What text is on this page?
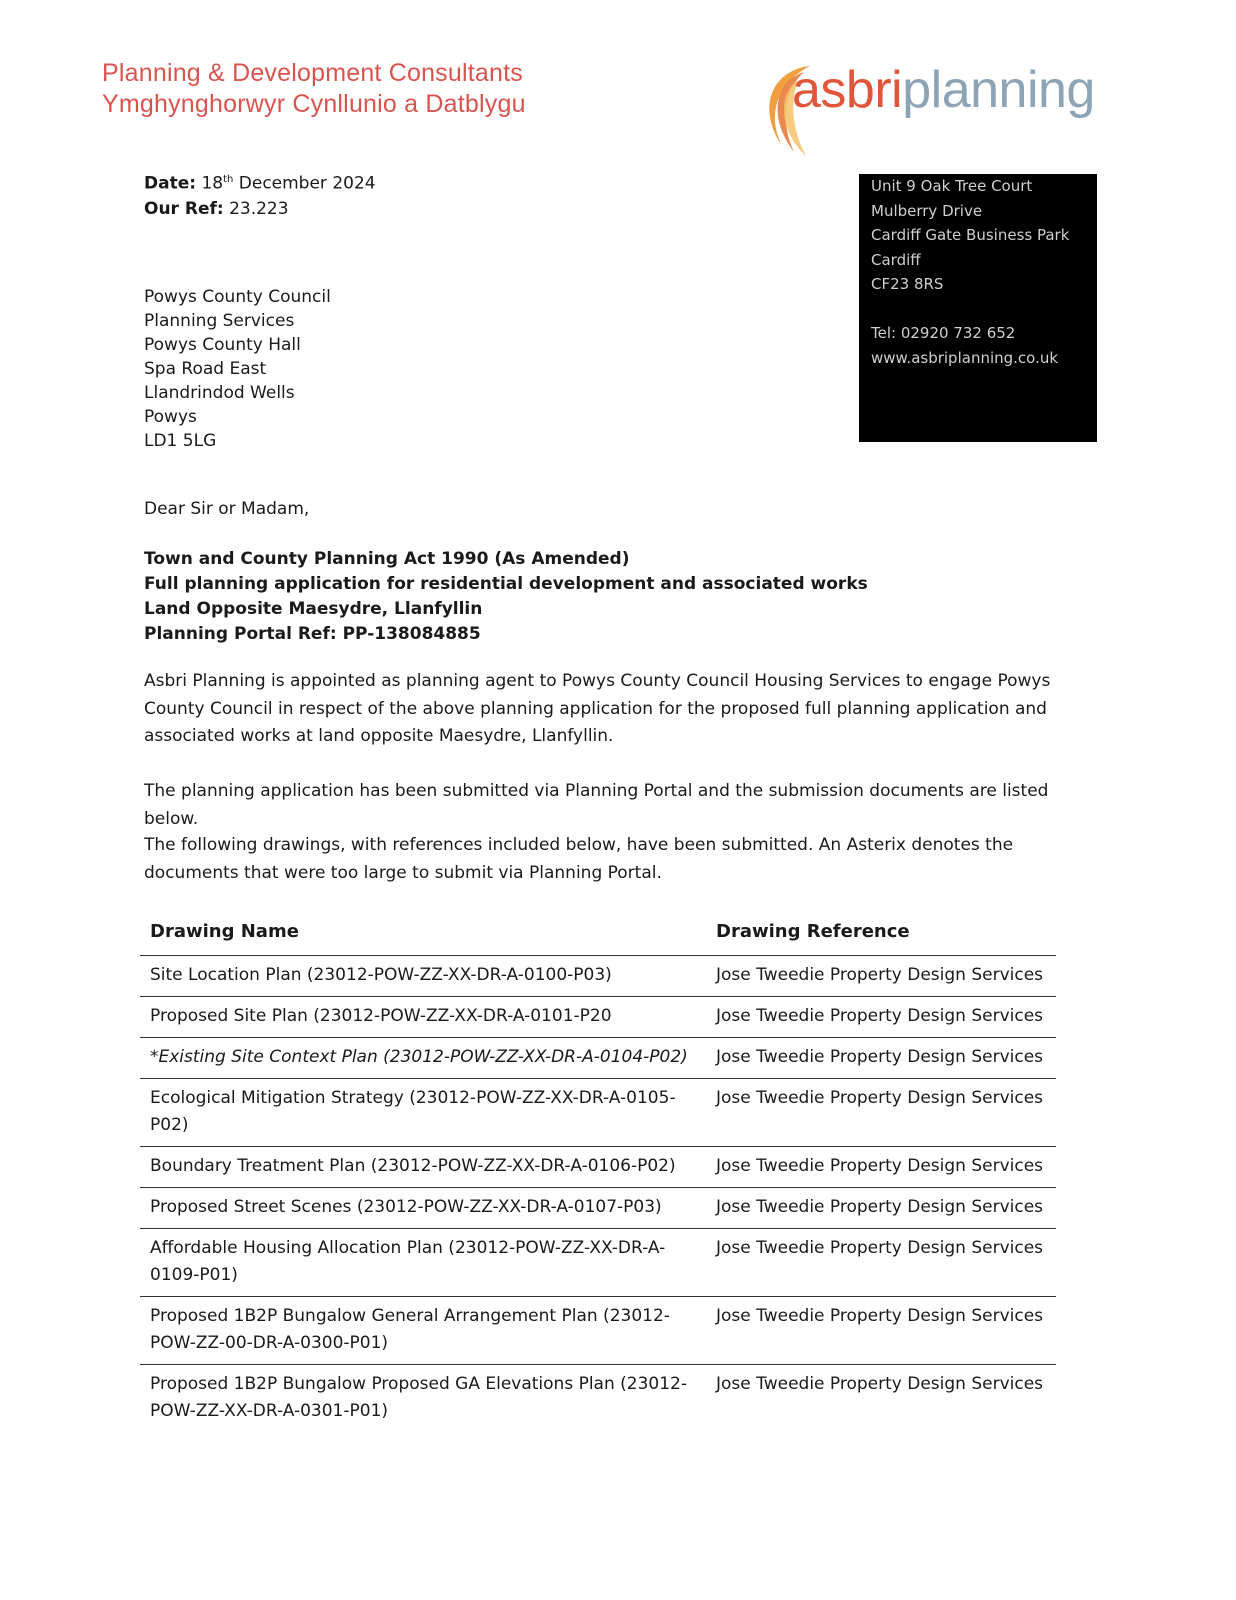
Planning & Development Consultants
Ymghynghorwyr Cynllunio a Datblygu	asbriplanning
Date: 18th December 2024
Our Ref: 23.223
Unit 9 Oak Tree Court
Mulberry Drive
Cardiff Gate Business Park
Cardiff
CF23 8RS
Tel: 02920 732 652
www.asbriplanning.co.uk
Powys County Council
Planning Services
Powys County Hall
Spa Road East
Llandrindod Wells
Powys
LD1 5LG
Dear Sir or Madam,
Town and County Planning Act 1990 (As Amended)
Full planning application for residential development and associated works
Land Opposite Maesydre, Llanfyllin
Planning Portal Ref: PP-138084885
Asbri Planning is appointed as planning agent to Powys County Council Housing Services to engage Powys County Council in respect of the above planning application for the proposed full planning application and associated works at land opposite Maesydre, Llanfyllin.
The planning application has been submitted via Planning Portal and the submission documents are listed below.
The following drawings, with references included below, have been submitted. An Asterix denotes the documents that were too large to submit via Planning Portal.
Drawing Name	Drawing Reference
Site Location Plan (23012-POW-ZZ-XX-DR-A-0100-P03)	Jose Tweedie Property Design Services
Proposed Site Plan (23012-POW-ZZ-XX-DR-A-0101-P20	Jose Tweedie Property Design Services
*Existing Site Context Plan (23012-POW-ZZ-XX-DR-A-0104-P02)	Jose Tweedie Property Design Services
Ecological Mitigation Strategy (23012-POW-ZZ-XX-DR-A-0105-P02)	Jose Tweedie Property Design Services
Boundary Treatment Plan (23012-POW-ZZ-XX-DR-A-0106-P02)	Jose Tweedie Property Design Services
Proposed Street Scenes (23012-POW-ZZ-XX-DR-A-0107-P03)	Jose Tweedie Property Design Services
Affordable Housing Allocation Plan (23012-POW-ZZ-XX-DR-A-0109-P01)	Jose Tweedie Property Design Services
Proposed 1B2P Bungalow General Arrangement Plan (23012-POW-ZZ-00-DR-A-0300-P01)	Jose Tweedie Property Design Services
Proposed 1B2P Bungalow Proposed GA Elevations Plan (23012-POW-ZZ-XX-DR-A-0301-P01)	Jose Tweedie Property Design Services
